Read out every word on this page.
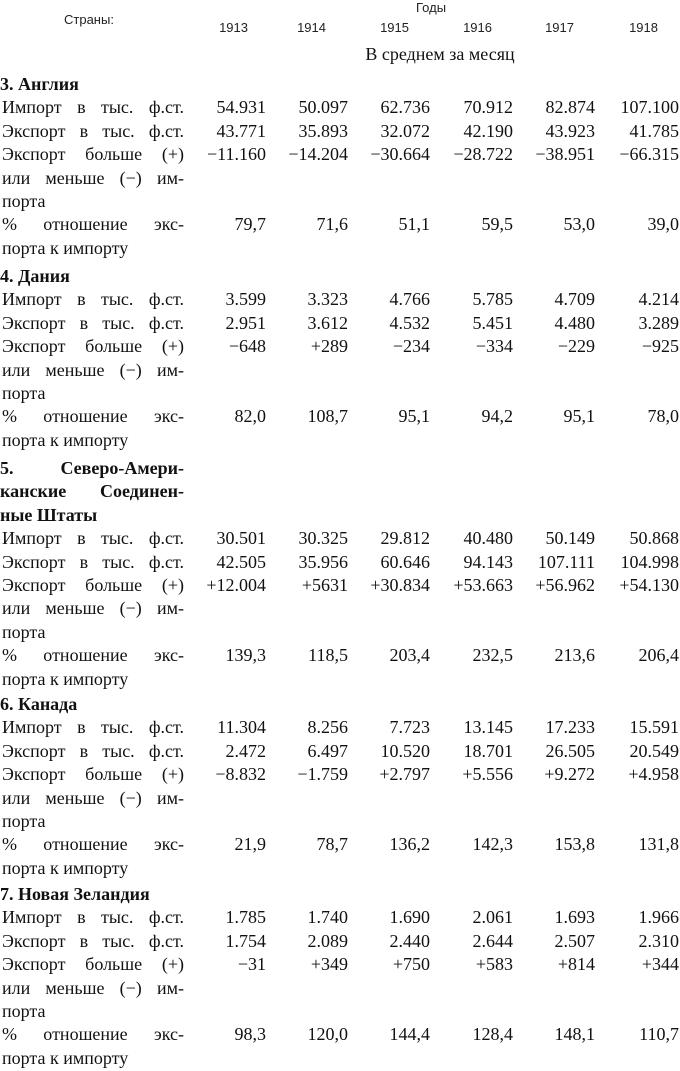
Страны:
Годы
1913	1914	1915	1916	1917	1918
В среднем за месяц
3. Англия
Импорт в тыс. ф.ст.	54.931	50.097	62.736	70.912	82.874	107.100
Экспорт в тыс. ф.ст.	43.771	35.893	32.072	42.190	43.923	41.785
Экспорт больше (+)	−11.160	−14.204	−30.664	−28.722	−38.951	−66.315
или меньше (−) им-
порта
% отношение экс-	79,7	71,6	51,1	59,5	53,0	39,0
порта к импорту
4. Дания
Импорт в тыс. ф.ст.	3.599	3.323	4.766	5.785	4.709	4.214
Экспорт в тыс. ф.ст.	2.951	3.612	4.532	5.451	4.480	3.289
Экспорт больше (+)	−648	+289	−234	−334	−229	−925
или меньше (−) им-
порта
% отношение экс-	82,0	108,7	95,1	94,2	95,1	78,0
порта к импорту
5. Северо-Амери-
канские Соединен-
ные Штаты
Импорт в тыс. ф.ст.	30.501	30.325	29.812	40.480	50.149	50.868
Экспорт в тыс. ф.ст.	42.505	35.956	60.646	94.143	107.111	104.998
Экспорт больше (+)	+12.004	+5631	+30.834	+53.663	+56.962	+54.130
или меньше (−) им-
порта
% отношение экс-	139,3	118,5	203,4	232,5	213,6	206,4
порта к импорту
6. Канада
Импорт в тыс. ф.ст.	11.304	8.256	7.723	13.145	17.233	15.591
Экспорт в тыс. ф.ст.	2.472	6.497	10.520	18.701	26.505	20.549
Экспорт больше (+)	−8.832	−1.759	+2.797	+5.556	+9.272	+4.958
или меньше (−) им-
порта
% отношение экс-	21,9	78,7	136,2	142,3	153,8	131,8
порта к импорту
7. Новая Зеландия
Импорт в тыс. ф.ст.	1.785	1.740	1.690	2.061	1.693	1.966
Экспорт в тыс. ф.ст.	1.754	2.089	2.440	2.644	2.507	2.310
Экспорт больше (+)	−31	+349	+750	+583	+814	+344
или меньше (−) им-
порта
% отношение экс-	98,3	120,0	144,4	128,4	148,1	110,7
порта к импорту
